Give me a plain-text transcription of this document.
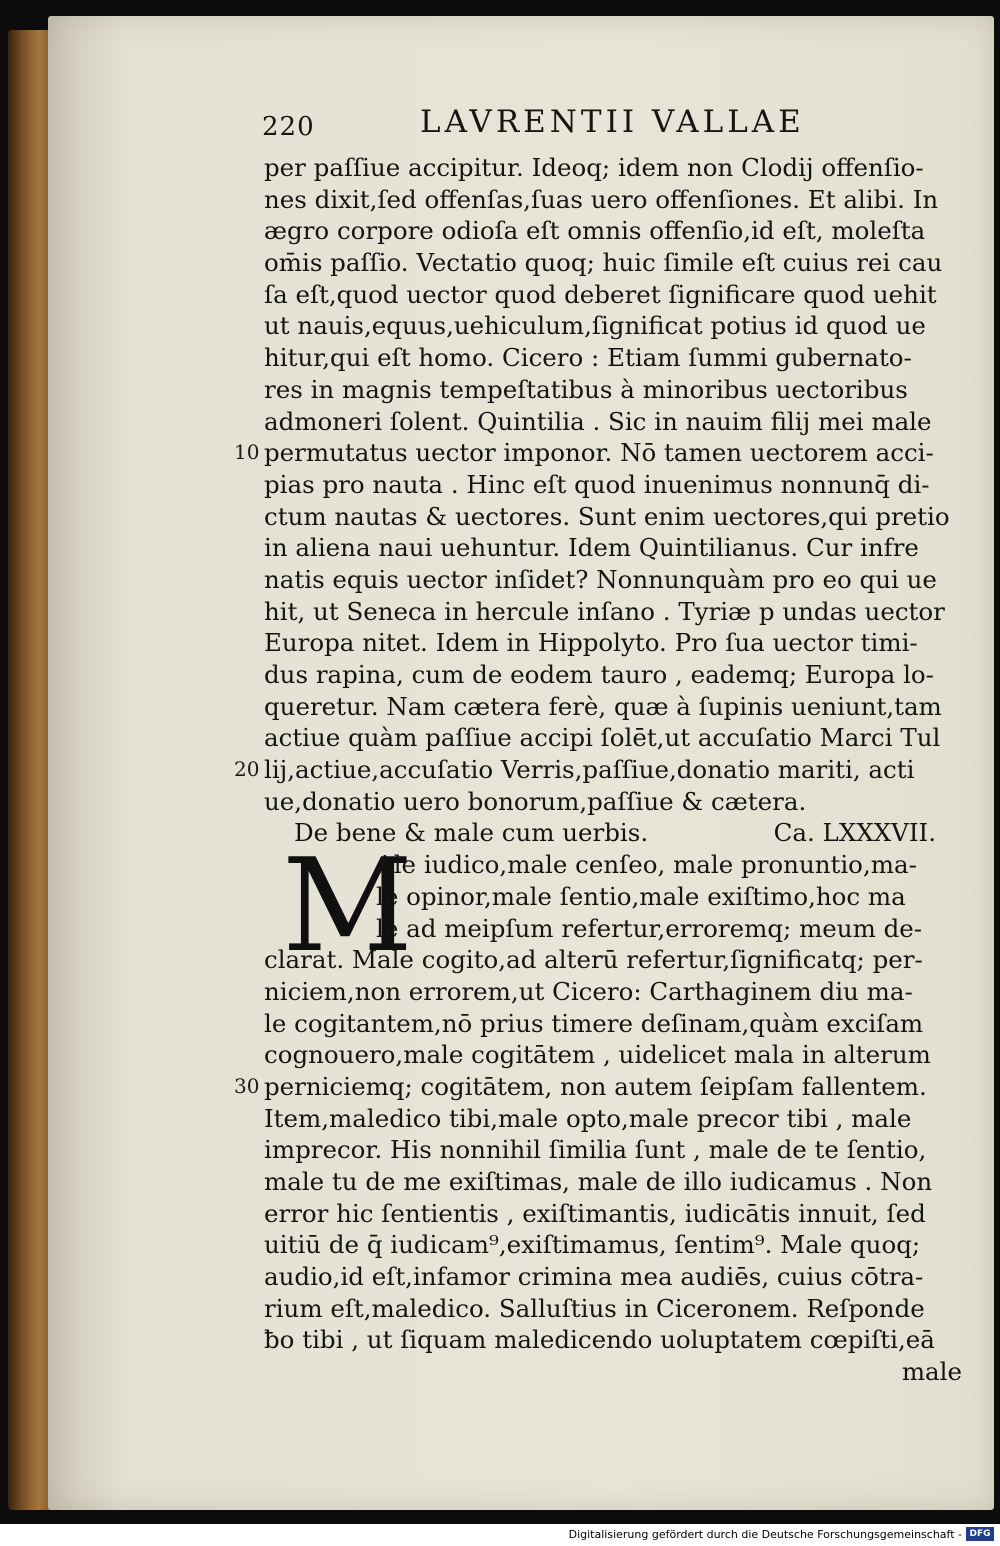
220	LAVRENTII VALLAE
per paſſiue accipitur. Ideoq; idem non Clodij offenſio-
nes dixit,ſed offenſas,ſuas uero offenſiones. Et alibi. In
ægro corpore odioſa eſt omnis offenſio,id eſt, moleſta
om̄is paſſio. Vectatio quoq; huic ſimile eſt cuius rei cau
ſa eſt,quod uector quod deberet ſignificare quod uehit
ut nauis,equus,uehiculum,ſignificat potius id quod ue
hitur,qui eſt homo. Cicero : Etiam ſummi gubernato-
res in magnis tempeſtatibus à minoribus uectoribus
admoneri ſolent. Quintilia . Sic in nauim filij mei male
10 permutatus uector imponor. Nō tamen uectorem acci-
pias pro nauta . Hinc eſt quod inuenimus nonnunq̄ di-
ctum nautas & uectores. Sunt enim uectores,qui pretio
in aliena naui uehuntur. Idem Quintilianus. Cur infre
natis equis uector inſidet? Nonnunquàm pro eo qui ue
hit, ut Seneca in hercule inſano . Tyriæ p undas uector
Europa nitet. Idem in Hippolyto. Pro ſua uector timi-
dus rapina, cum de eodem tauro , eademq; Europa lo-
queretur. Nam cætera ferè, quæ à ſupinis ueniunt,tam
actiue quàm paſſiue accipi ſolēt,ut accuſatio Marci Tul
20 lij,actiue,accuſatio Verris,paſſiue,donatio mariti, acti
ue,donatio uero bonorum,paſſiue & cætera.
De bene & male cum uerbis.	Ca. LXXXVII.
M
Ale iudico,male cenſeo, male pronuntio,ma-
le opinor,male ſentio,male exiſtimo,hoc ma
le ad meipſum refertur,erroremq; meum de-
clarat. Male cogito,ad alterū refertur,ſignificatq; per-
niciem,non errorem,ut Cicero: Carthaginem diu ma-
le cogitantem,nō prius timere deſinam,quàm exciſam
cognouero,male cogitātem , uidelicet mala in alterum
30 perniciemq; cogitātem, non autem ſeipſam fallentem.
Item,maledico tibi,male opto,male precor tibi , male
imprecor. His nonnihil ſimilia ſunt , male de te ſentio,
male tu de me exiſtimas, male de illo iudicamus . Non
error hic ſentientis , exiſtimantis, iudicātis innuit, ſed
uitiū de q̄ iudicam⁹,exiſtimamus, ſentim⁹. Male quoq;
audio,id eſt,infamor crimina mea audiēs, cuius cōtra-
rium eſt,maledico. Salluſtius in Ciceronem. Reſponde
ƀo tibi , ut ſiquam maledicendo uoluptatem cœpiſti,eā
male
Digitalisierung gefördert durch die Deutsche Forschungsgemeinschaft - DFG
